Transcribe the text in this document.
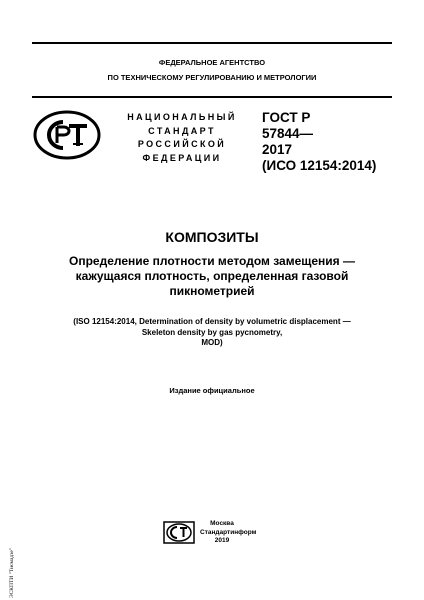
ФЕДЕРАЛЬНОЕ АГЕНТСТВО
ПО ТЕХНИЧЕСКОМУ РЕГУЛИРОВАНИЮ И МЕТРОЛОГИИ
НАЦИОНАЛЬНЫЙ
СТАНДАРТ
РОССИЙСКОЙ
ФЕДЕРАЦИИ
ГОСТ Р
57844—
2017
(ИСО 12154:2014)
КОМПОЗИТЫ
Определение плотности методом замещения —
кажущаяся плотность, определенная газовой
пикнометрией
(ISO 12154:2014, Determination of density by volumetric displacement —
Skeleton density by gas pycnometry,
MOD)
Издание официальное
Москва
Стандартинформ
2019
ЭСКПТИ "Тисмадзе"
